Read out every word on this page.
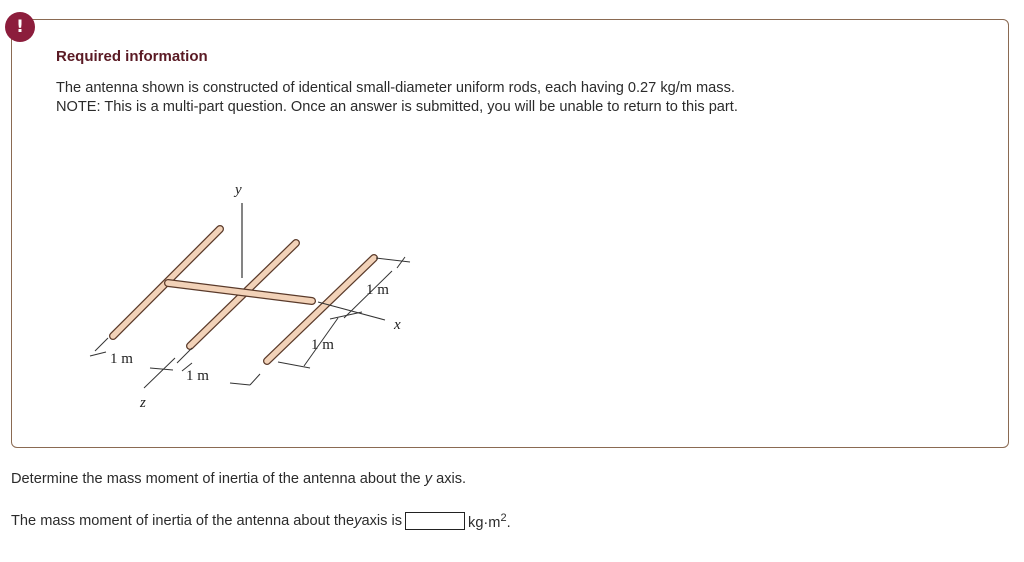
!
Required information
The antenna shown is constructed of identical small-diameter uniform rods, each having 0.27 kg/m mass.
NOTE: This is a multi-part question. Once an answer is submitted, you will be unable to return to this part.
y
x
1 m
1 m
1 m
1 m
z
Determine the mass moment of inertia of the antenna about the y axis.
The mass moment of inertia of the antenna about the y axis is	$kg\cdot m^2$.
